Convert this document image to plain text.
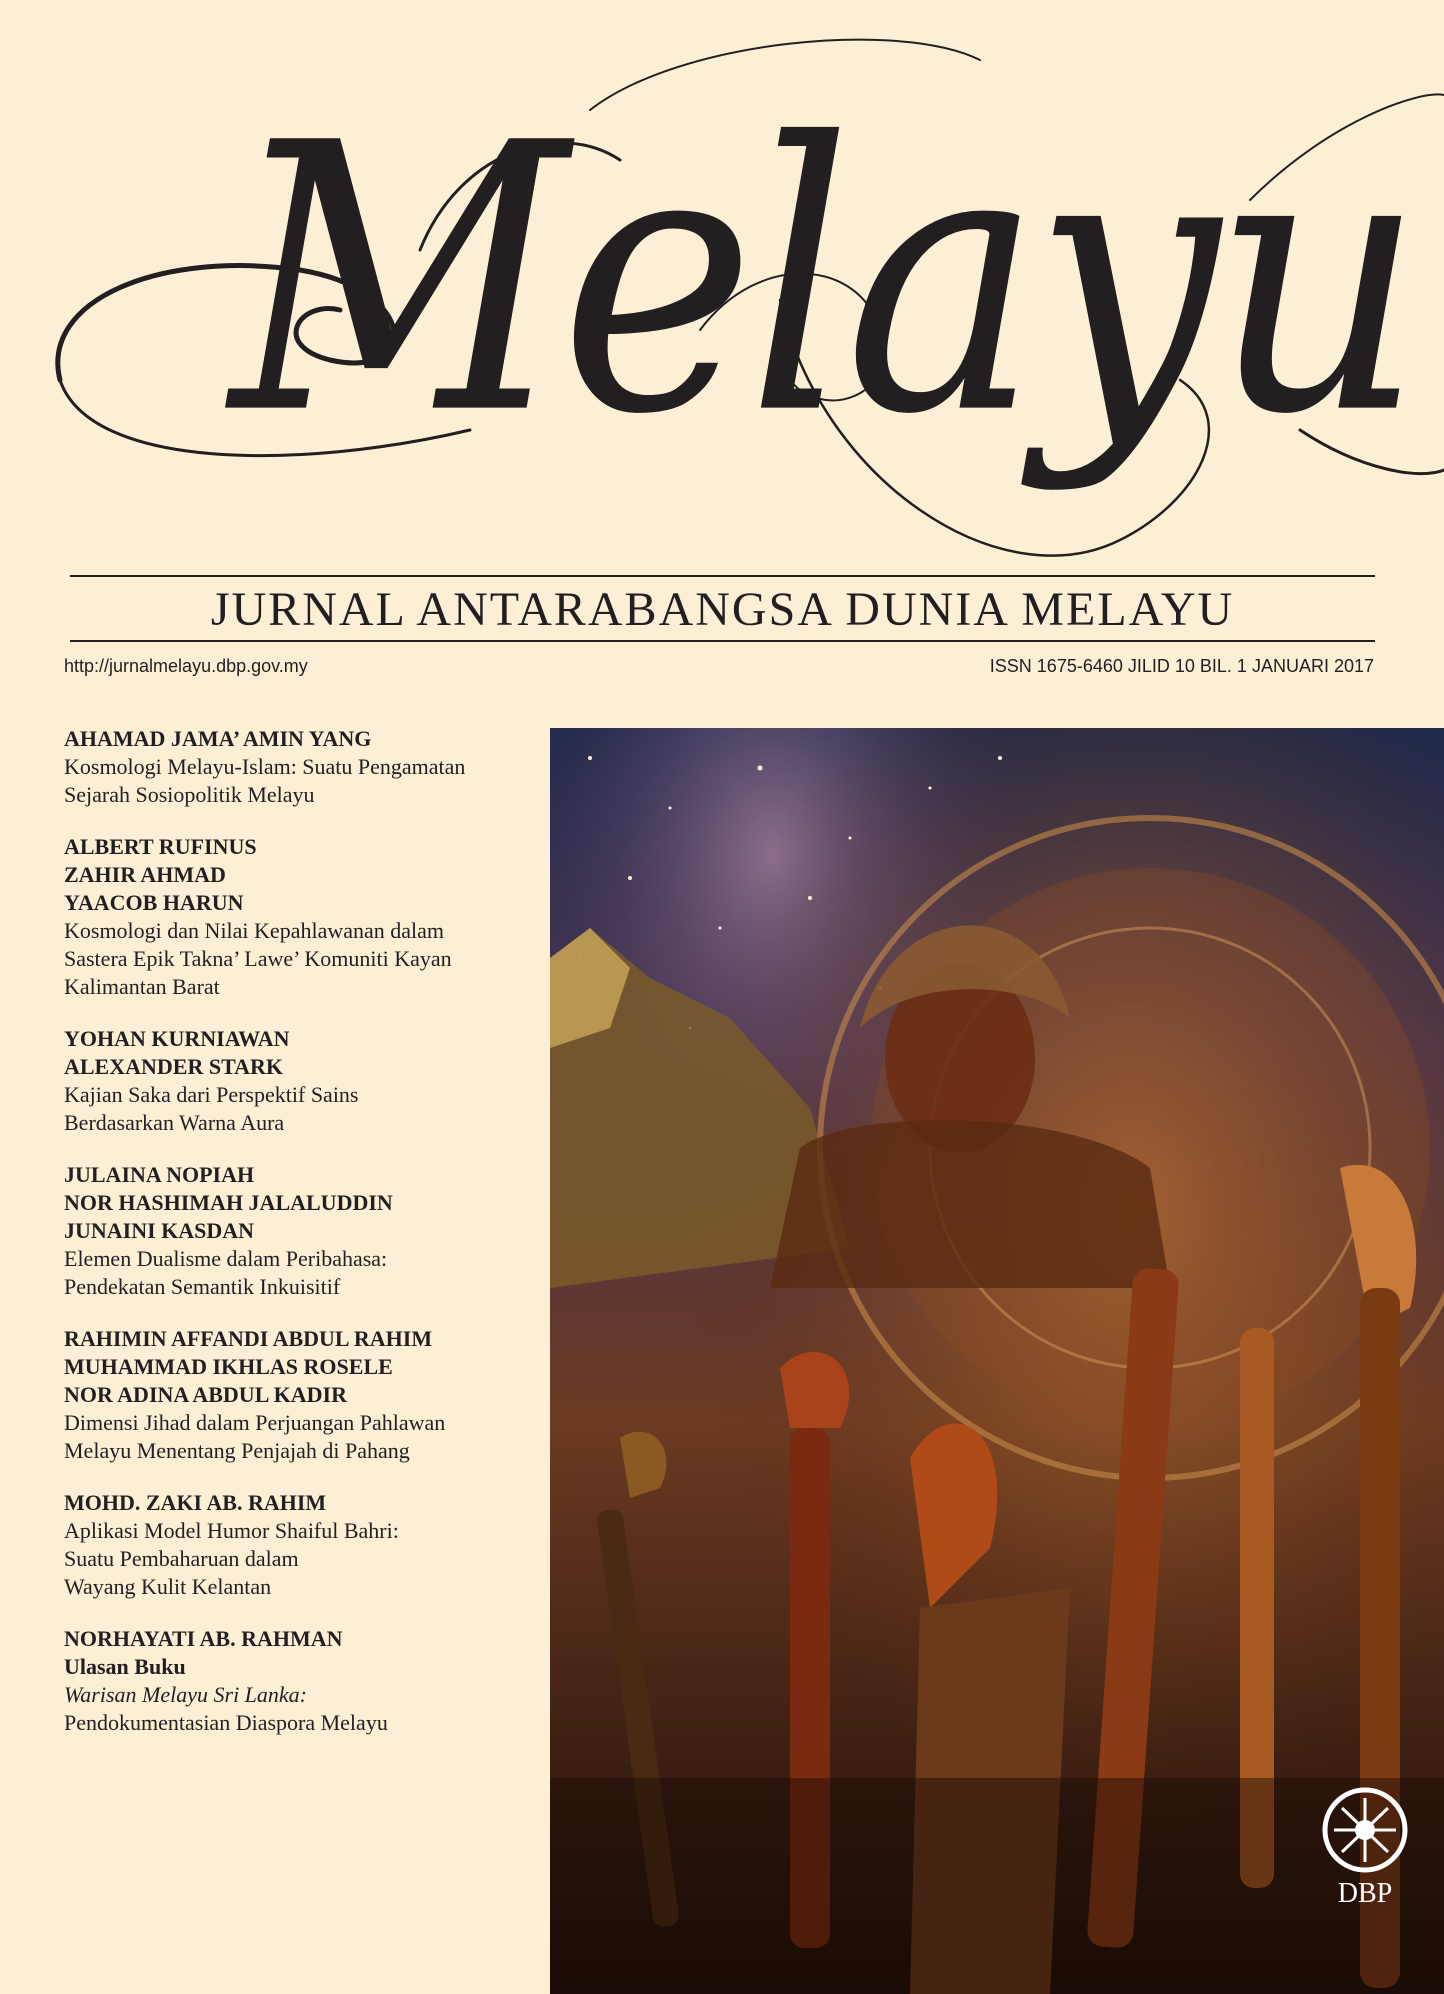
Melayu
JURNAL ANTARABANGSA DUNIA MELAYU
http://jurnalmelayu.dbp.gov.my	ISSN 1675-6460 JILID 10 BIL. 1 JANUARI 2017
AHAMAD JAMA’ AMIN YANG
Kosmologi Melayu-Islam: Suatu Pengamatan
Sejarah Sosiopolitik Melayu
ALBERT RUFINUS
ZAHIR AHMAD
YAACOB HARUN
Kosmologi dan Nilai Kepahlawanan dalam
Sastera Epik Takna’ Lawe’ Komuniti Kayan
Kalimantan Barat
YOHAN KURNIAWAN
ALEXANDER STARK
Kajian Saka dari Perspektif Sains
Berdasarkan Warna Aura
JULAINA NOPIAH
NOR HASHIMAH JALALUDDIN
JUNAINI KASDAN
Elemen Dualisme dalam Peribahasa:
Pendekatan Semantik Inkuisitif
RAHIMIN AFFANDI ABDUL RAHIM
MUHAMMAD IKHLAS ROSELE
NOR ADINA ABDUL KADIR
Dimensi Jihad dalam Perjuangan Pahlawan
Melayu Menentang Penjajah di Pahang
MOHD. ZAKI AB. RAHIM
Aplikasi Model Humor Shaiful Bahri:
Suatu Pembaharuan dalam
Wayang Kulit Kelantan
NORHAYATI AB. RAHMAN
Ulasan Buku
Warisan Melayu Sri Lanka:
Pendokumentasian Diaspora Melayu
DBP
